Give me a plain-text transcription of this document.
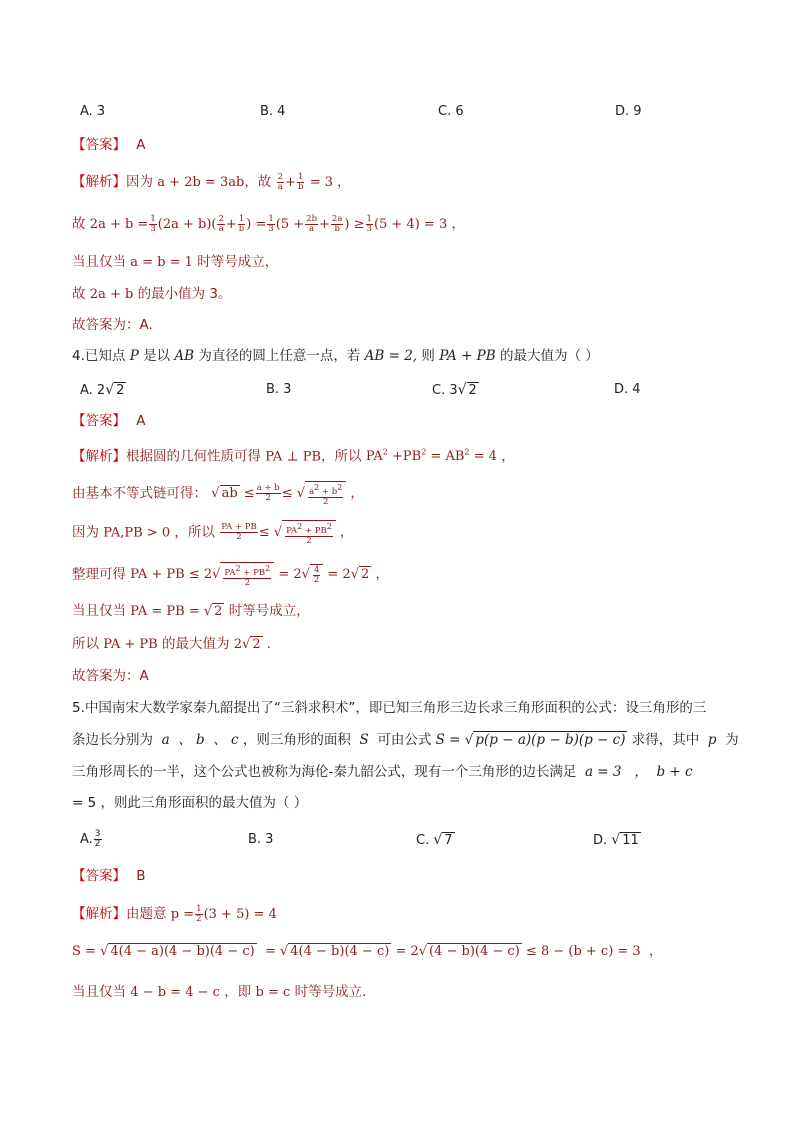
A. 3	B. 4	C. 6	D. 9
【答案】 A
【解析】因为 a + 2b = 3ab，故 $\frac{2}{a} + \frac{1}{b} = 3$ ，
故 $2a + b = \frac{1}{3} (2a + b)( \frac{2}{a} + \frac{1}{b}$ ) = $\frac{1}{3} (5 + \frac{2b}{a} + \frac{2a}{b}$ ) ≥ $\frac{1}{3} (5 + 4) = 3$ ，
当且仅当 a = b = 1 时等号成立，
故 2a + b 的最小值为 3。
故答案为：A.
4.已知点 P 是以 AB 为直径的圆上任意一点，若 AB = 2, 则 PA + PB 的最大值为（ ）
A. 2√ 2	B. 3	C. 3√ 2	D. 4
【答案】 A
【解析】根据圆的几何性质可得 PA ⊥ PB，所以 $PA^2 +PB^2 = AB^2 = 4$ ，
由基本不等式链可得： √ ab ≤ $\frac{a + b}{2}$ ≤ √ $\frac{a^2 + b^2}{2}$ ，
因为 PA,PB > 0 ，所以 $\frac{PA + PB}{2}$ ≤ √ $\frac{PA^2 + PB^2}{2}$ ，
整理可得 PA + PB ≤ $2√ \frac{PA^2 + PB^2}{2} = 2√ \frac{4}{2} = 2√$ 2 ，
当且仅当 PA = PB = √ 2 时等号成立，
所以 PA + PB 的最大值为 2√ 2 .
故答案为：A
5.中国南宋大数学家秦九韶提出了“三斜求积术”，即已知三角形三边长求三角形面积的公式：设三角形的三
条边长分别为  a  、 b  、 c ，则三角形的面积  S  可由公式 S = √ p(p − a)(p − b)(p − c) 求得，其中  p  为
三角形周长的一半，这个公式也被称为海伦-秦九韶公式，现有一个三角形的边长满足  a = 3   ，  b + c
= 5 ，则此三角形面积的最大值为（ ）
A. $\frac{3}{2}$	B. 3	C. √ 7	D. √ 11
【答案】 B
【解析】由题意 $p = \frac{1}{2} (3 + 5) = 4$
S = √ 4(4 − a)(4 − b)(4 − c)  = √ 4(4 − b)(4 − c) = 2√ (4 − b)(4 − c) ≤ 8 − (b + c) = 3  ，
当且仅当 4 − b = 4 − c ，即 b = c 时等号成立.
